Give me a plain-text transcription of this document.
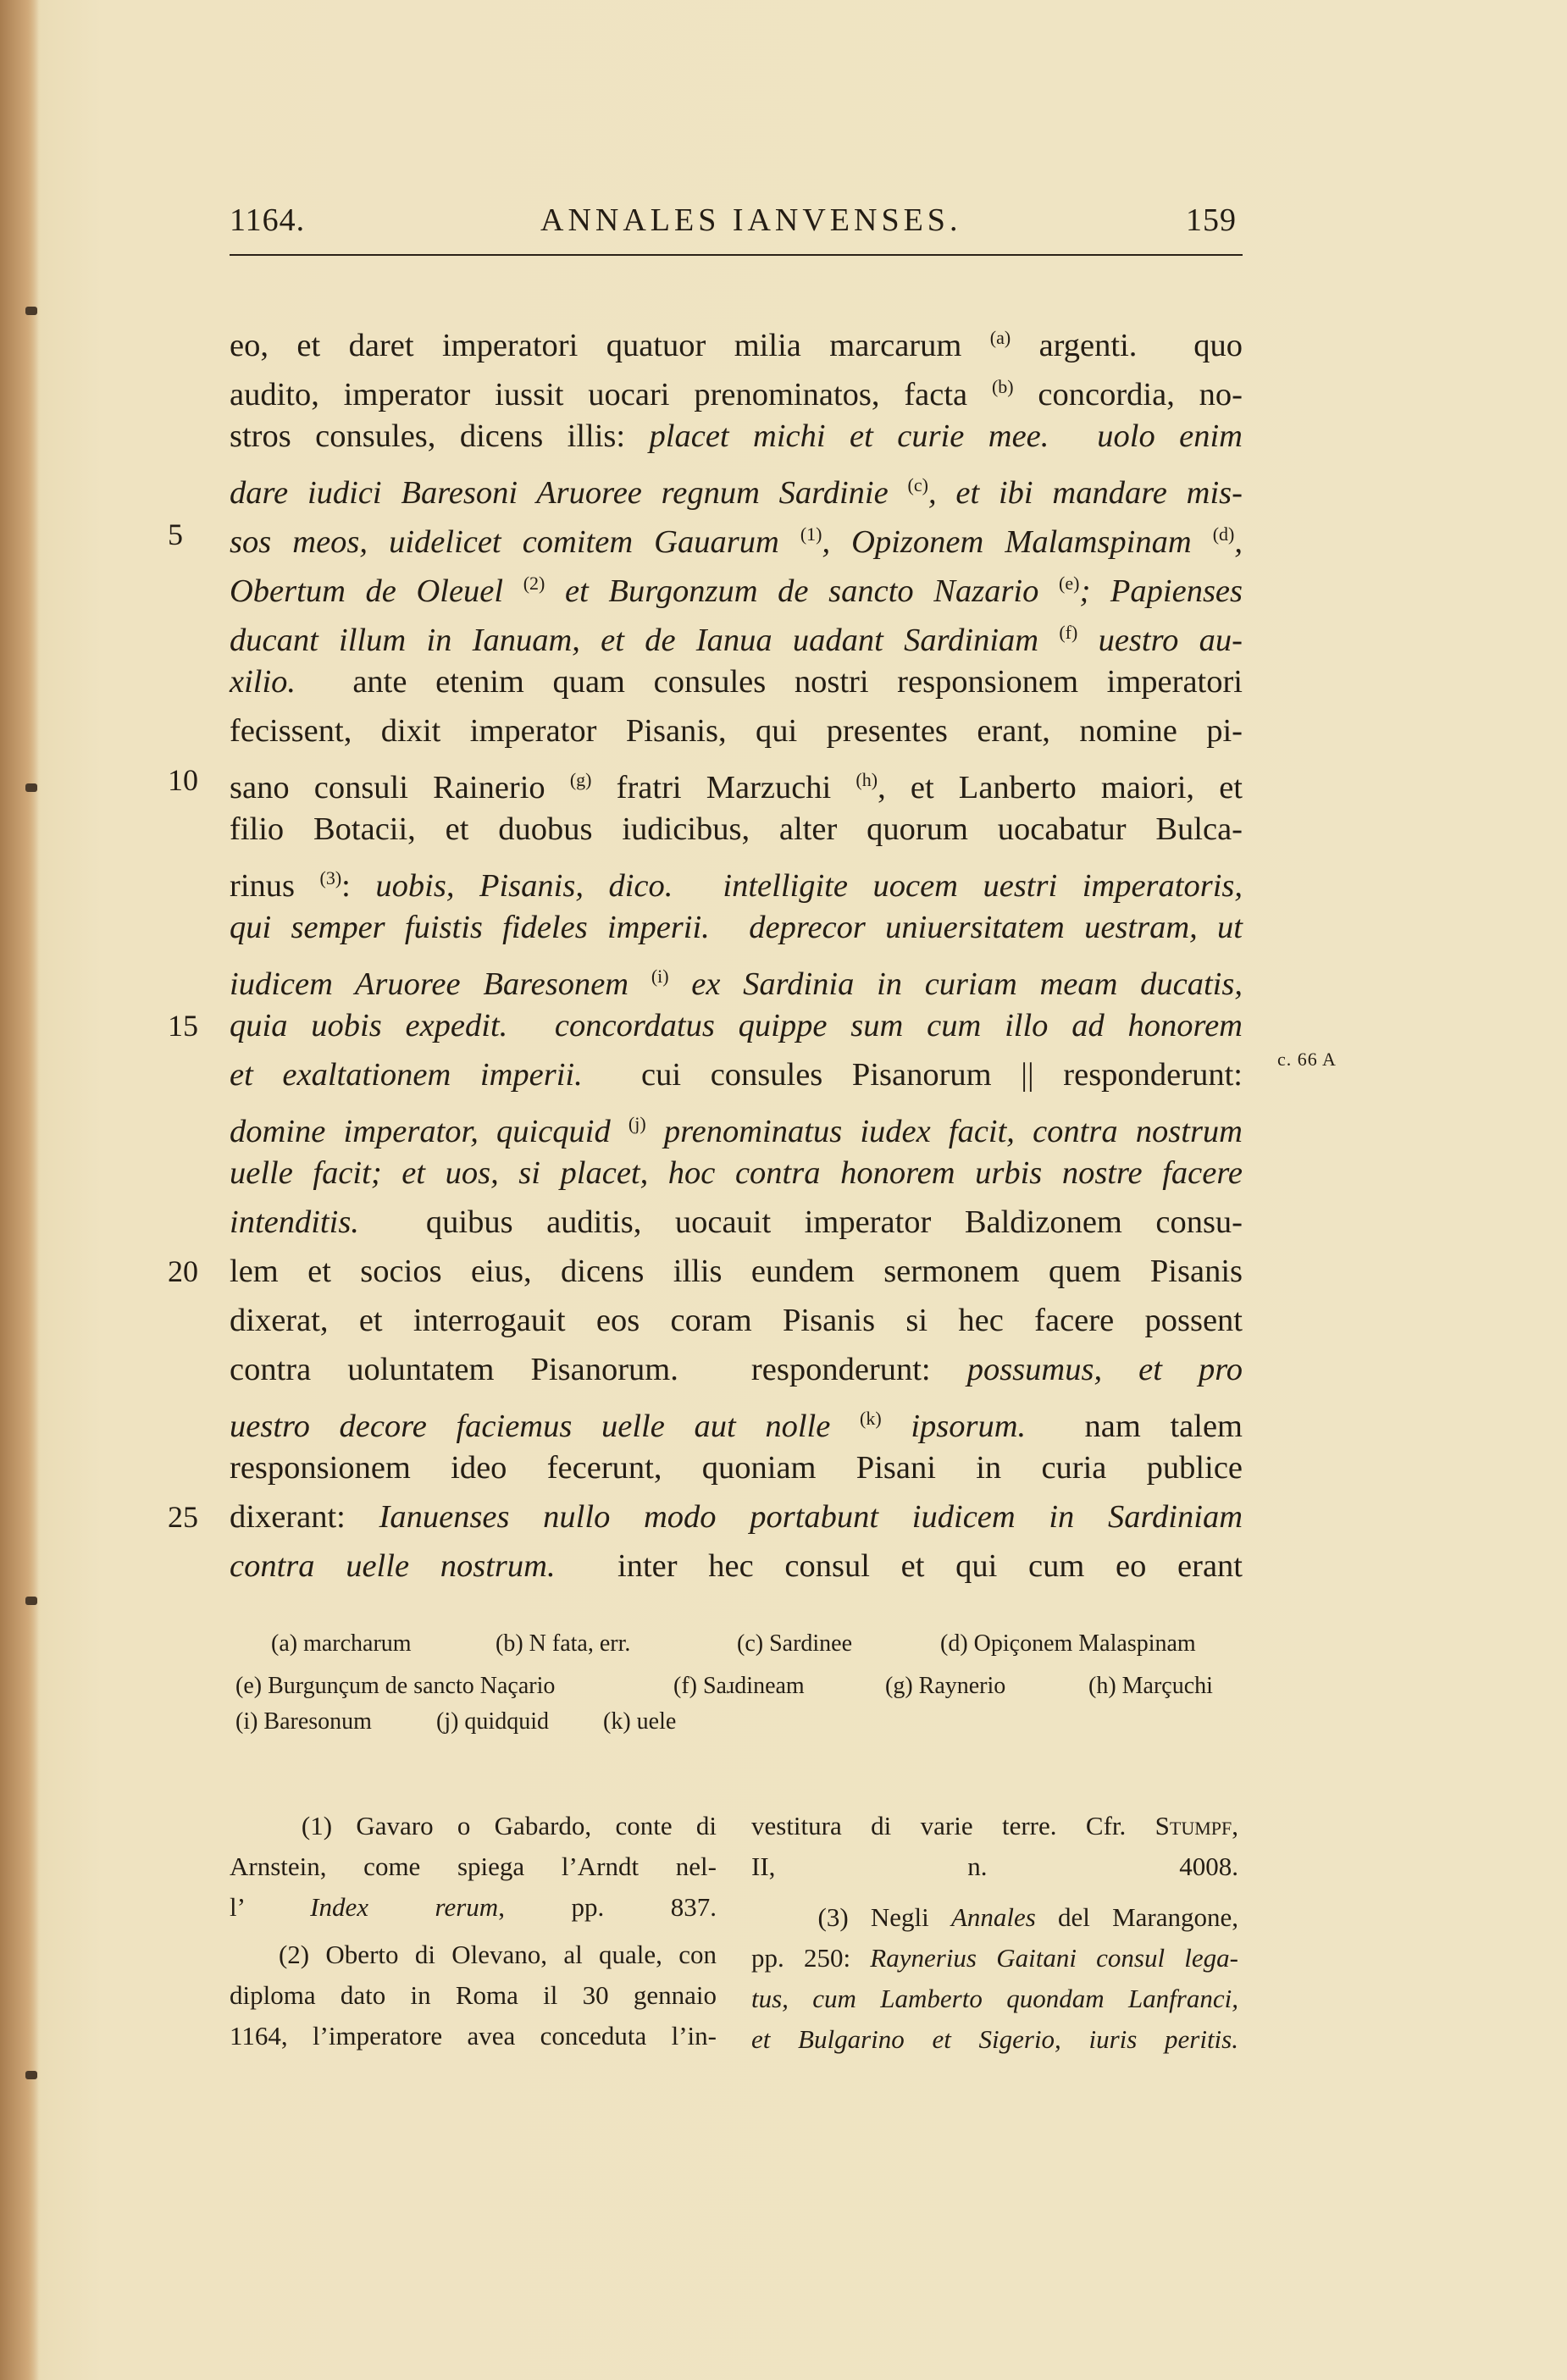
1164.	ANNALES IANVENSES.	159
eo, et daret imperatori quatuor milia marcarum $^{(a)}$ argenti.  quo
audito, imperator iussit uocari prenominatos, facta $^{(b)}$ concordia, no-
stros consules, dicens illis: placet michi et curie mee.  uolo enim
dare iudici Baresoni Aruoree regnum Sardinie $^{(c)}$, et ibi mandare mis-
sos meos, uidelicet comitem Gauarum $^{(1)}$, Opizonem Malamspinam $^{(d)}$,
5
Obertum de Oleuel $^{(2)}$ et Burgonzum de sancto Nazario $^{(e)}$; Papienses
ducant illum in Ianuam, et de Ianua uadant Sardiniam $^{(f)}$ uestro au-
xilio.  ante etenim quam consules nostri responsionem imperatori
fecissent, dixit imperator Pisanis, qui presentes erant, nomine pi-
sano consuli Rainerio $^{(g)}$ fratri Marzuchi $^{(h)}$, et Lanberto maiori, et
10
filio Botacii, et duobus iudicibus, alter quorum uocabatur Bulca-
rinus $^{(3)}$: uobis, Pisanis, dico.  intelligite uocem uestri imperatoris,
qui semper fuistis fideles imperii.  deprecor uniuersitatem uestram, ut
iudicem Aruoree Baresonem $^{(i)}$ ex Sardinia in curiam meam ducatis,
quia uobis expedit.  concordatus quippe sum cum illo ad honorem
15
et exaltationem imperii.  cui consules Pisanorum || responderunt:
domine imperator, quicquid $^{(j)}$ prenominatus iudex facit, contra nostrum
uelle facit; et uos, si placet, hoc contra honorem urbis nostre facere
intenditis.  quibus auditis, uocauit imperator Baldizonem consu-
lem et socios eius, dicens illis eundem sermonem quem Pisanis
20
dixerat, et interrogauit eos coram Pisanis si hec facere possent
contra uoluntatem Pisanorum.  responderunt: possumus, et pro
uestro decore faciemus uelle aut nolle $^{(k)}$ ipsorum.  nam talem
responsionem ideo fecerunt, quoniam Pisani in curia publice
dixerant: Ianuenses nullo modo portabunt iudicem in Sardiniam
25
contra uelle nostrum.  inter hec consul et qui cum eo erant
c. 66 A
(a) marcharum	(b) N fata, err.	(c) Sardinee	(d) Opiçonem Malaspinam
(e) Burgunçum de sancto Naçario	(f) Saɹdineam	(g) Raynerio	(h) Marçuchi
(i) Baresonum	(j) quidquid (k) uele
(1) Gavaro o Gabardo, conte di
Arnstein, come spiega l’Arndt nel-
l’ Index rerum, pp. 837.
(2) Oberto di Olevano, al quale, con
diploma dato in Roma il 30 gennaio
1164, l’imperatore avea conceduta l’in-
vestitura di varie terre. Cfr. Stumpf,
II, n. 4008.
(3) Negli Annales del Marangone,
pp. 250: Raynerius Gaitani consul lega-
tus, cum Lamberto quondam Lanfranci,
et Bulgarino et Sigerio, iuris peritis.
